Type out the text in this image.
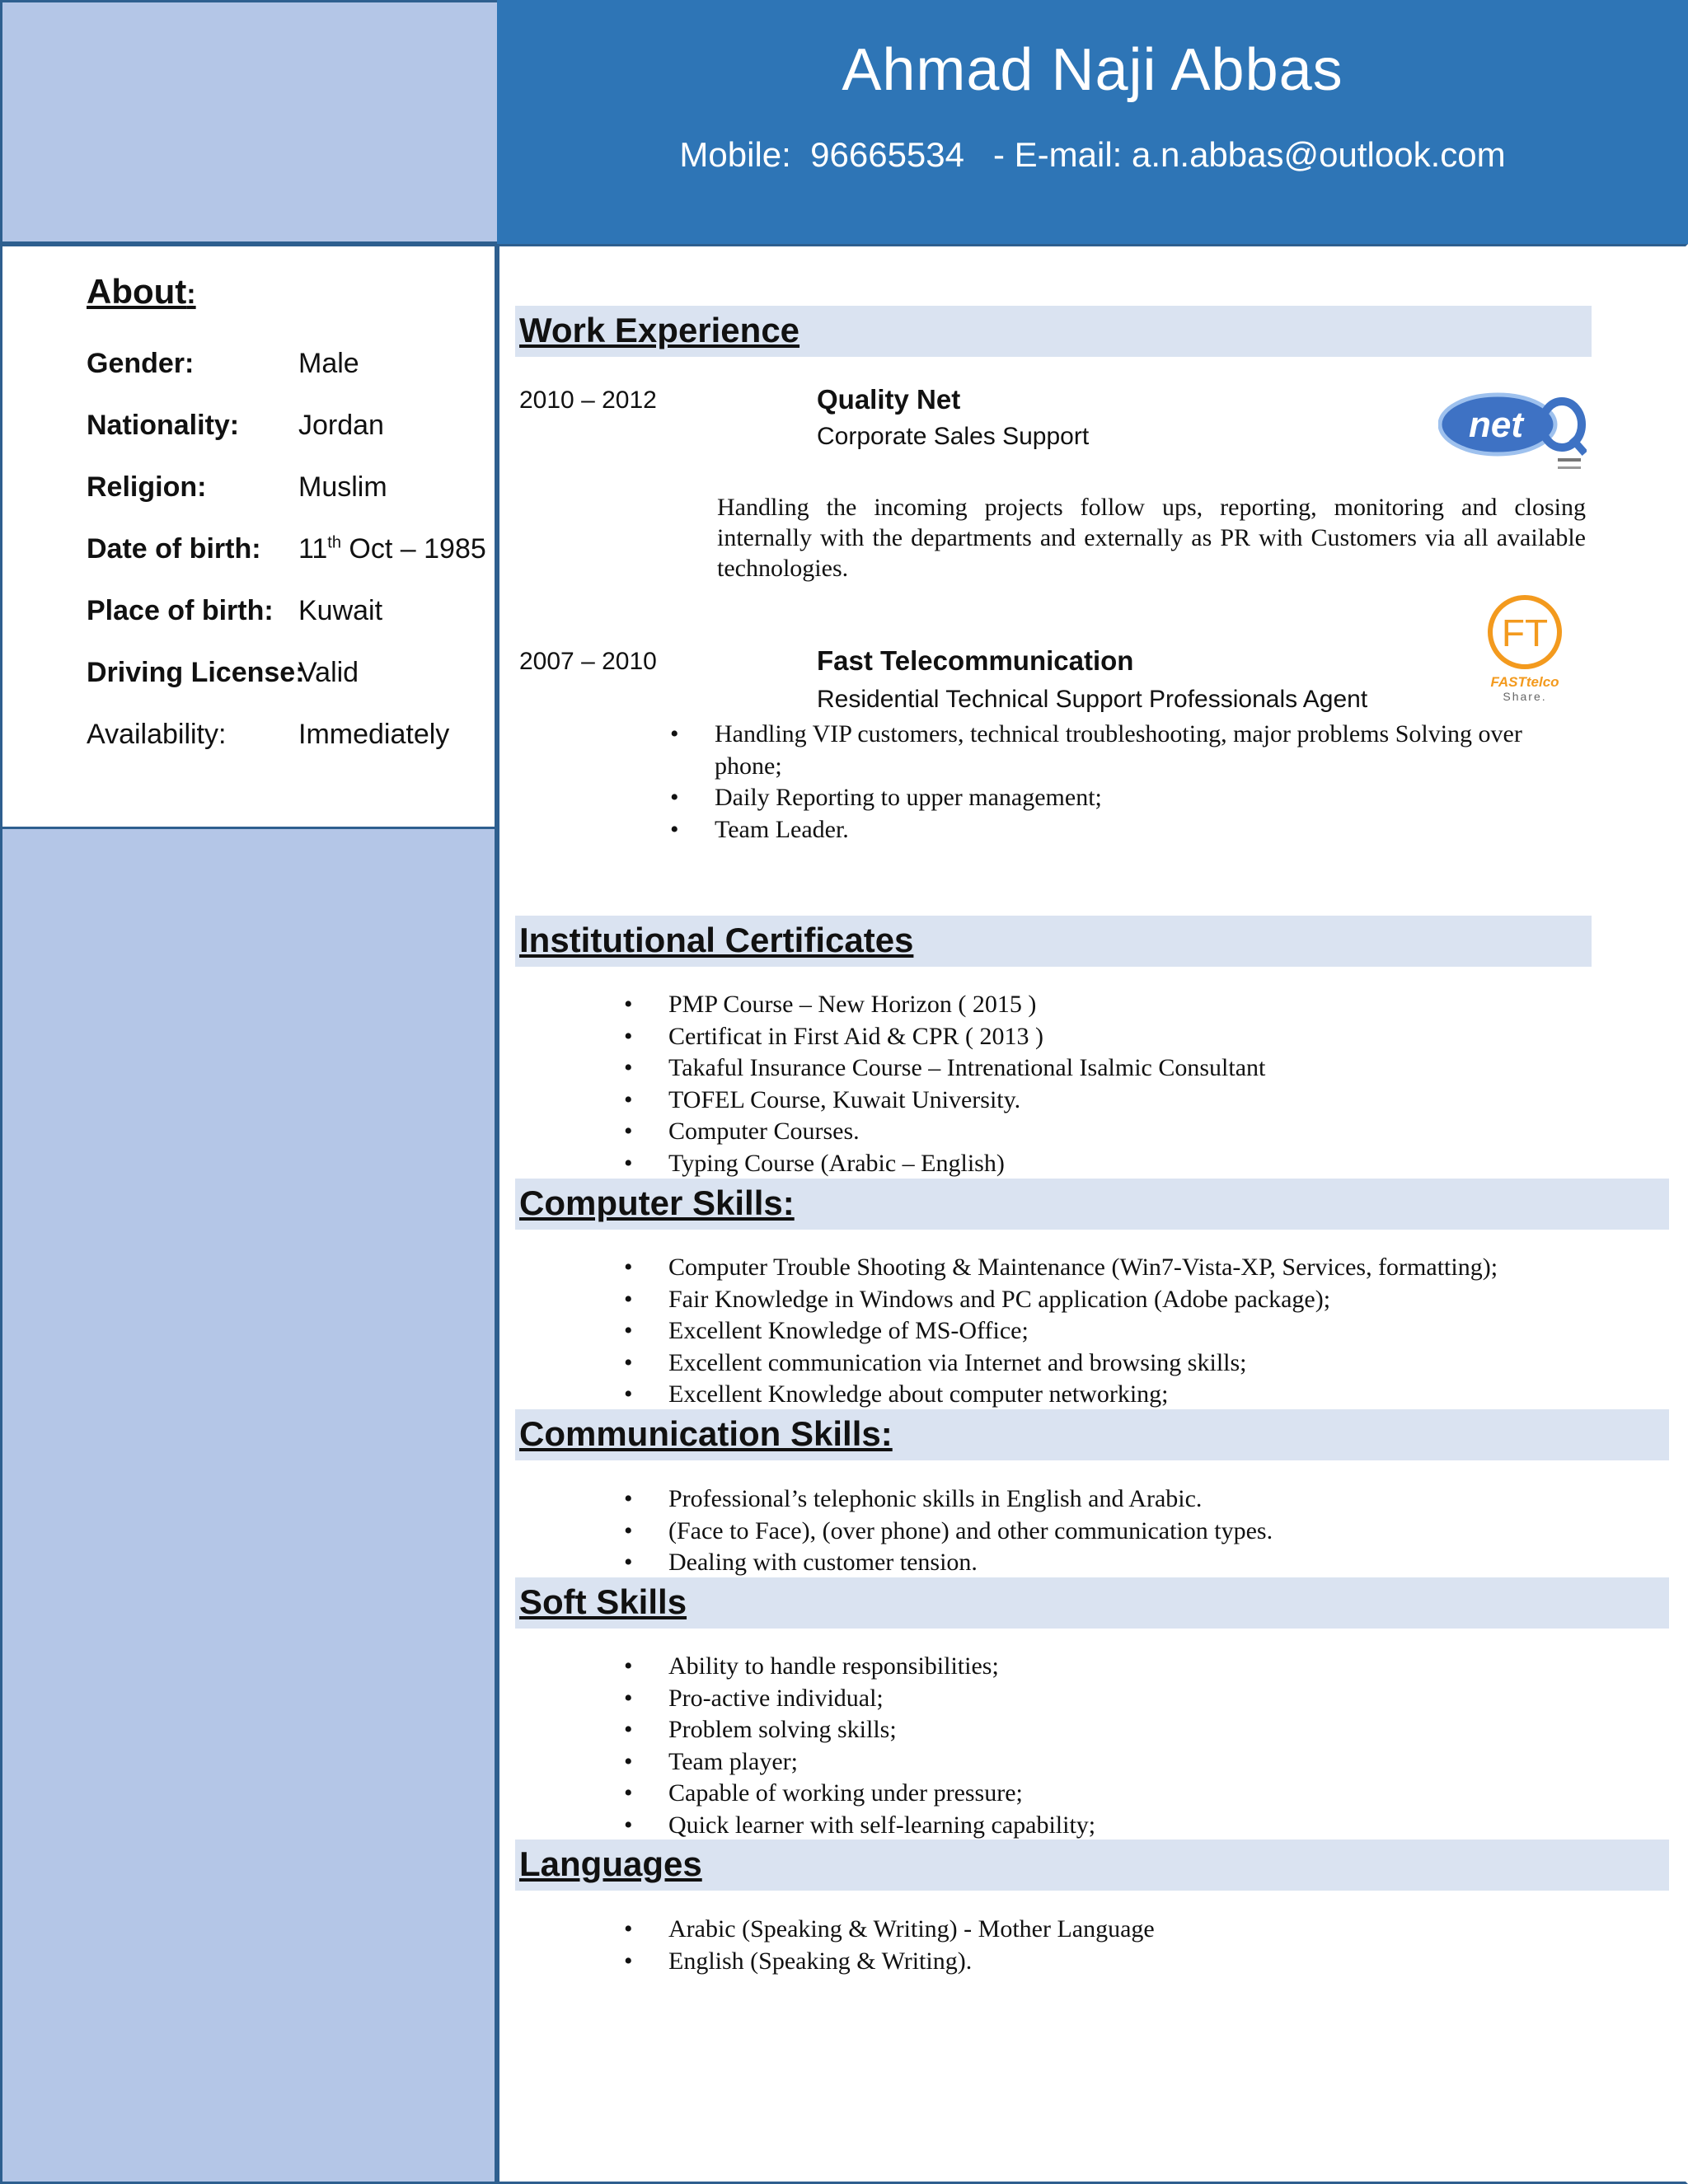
Ahmad Naji Abbas
Mobile:  96665534   - E-mail: a.n.abbas@outlook.com
About:
Gender:	Male
Nationality: Jordan
Religion:	Muslim
Date of birth: 11th Oct – 1985
Place of birth: Kuwait
Driving License:
Valid
Availability:	Immediately
Work Experience
2010 – 2012	Quality Net
Corporate Sales Support	net
Handling the incoming projects follow ups, reporting, monitoring and closing internally with the departments and externally as PR with Customers via all available technologies.
2007 – 2010	Fast Telecommunication
Residential Technical Support Professionals Agent
FT
FASTtelco
Share.
• Handling VIP customers, technical troubleshooting, major problems Solving over
phone;
• Daily Reporting to upper management;
• Team Leader.
Institutional Certificates
• PMP Course – New Horizon ( 2015 )
• Certificat in First Aid & CPR ( 2013 )
• Takaful Insurance Course – Intrenational Isalmic Consultant
• TOFEL Course, Kuwait University.
• Computer Courses.
• Typing Course (Arabic – English)
Computer Skills:
• Computer Trouble Shooting & Maintenance (Win7-Vista-XP, Services, formatting);
• Fair Knowledge in Windows and PC application (Adobe package);
• Excellent Knowledge of MS-Office;
• Excellent communication via Internet and browsing skills;
• Excellent Knowledge about computer networking;
Communication Skills:
• Professional’s telephonic skills in English and Arabic.
• (Face to Face), (over phone) and other communication types.
• Dealing with customer tension.
Soft Skills
• Ability to handle responsibilities;
• Pro-active individual;
• Problem solving skills;
• Team player;
• Capable of working under pressure;
• Quick learner with self-learning capability;
Languages
• Arabic (Speaking & Writing) - Mother Language
• English (Speaking & Writing).
